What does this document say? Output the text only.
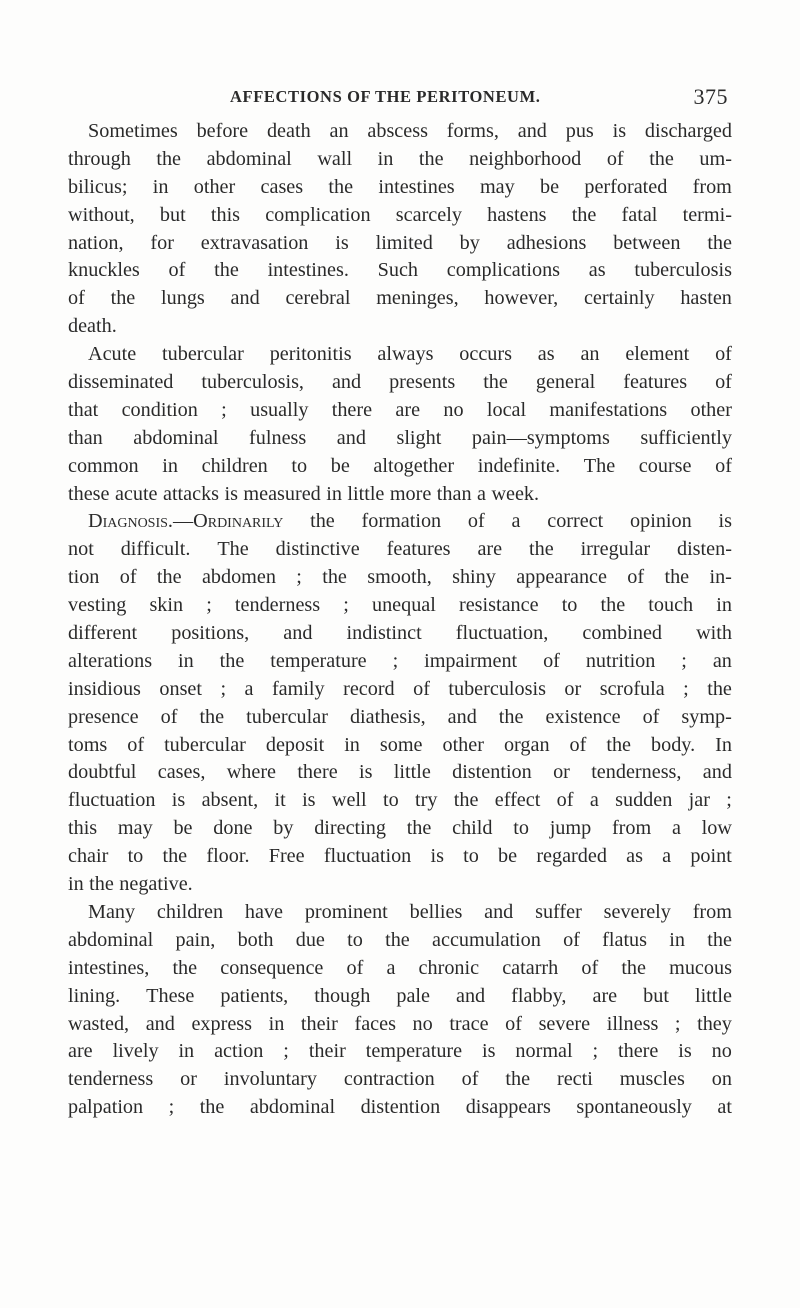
AFFECTIONS OF THE PERITONEUM.	375
Sometimes before death an abscess forms, and pus is discharged
through the abdominal wall in the neighborhood of the um-
bilicus; in other cases the intestines may be perforated from
without, but this complication scarcely hastens the fatal termi-
nation, for extravasation is limited by adhesions between the
knuckles of the intestines. Such complications as tuberculosis
of the lungs and cerebral meninges, however, certainly hasten
death.
Acute tubercular peritonitis always occurs as an element of
disseminated tuberculosis, and presents the general features of
that condition ; usually there are no local manifestations other
than abdominal fulness and slight pain—symptoms sufficiently
common in children to be altogether indefinite. The course of
these acute attacks is measured in little more than a week.
Diagnosis.—Ordinarily the formation of a correct opinion is
not difficult. The distinctive features are the irregular disten-
tion of the abdomen ; the smooth, shiny appearance of the in-
vesting skin ; tenderness ; unequal resistance to the touch in
different positions, and indistinct fluctuation, combined with
alterations in the temperature ; impairment of nutrition ; an
insidious onset ; a family record of tuberculosis or scrofula ; the
presence of the tubercular diathesis, and the existence of symp-
toms of tubercular deposit in some other organ of the body. In
doubtful cases, where there is little distention or tenderness, and
fluctuation is absent, it is well to try the effect of a sudden jar ;
this may be done by directing the child to jump from a low
chair to the floor. Free fluctuation is to be regarded as a point
in the negative.
Many children have prominent bellies and suffer severely from
abdominal pain, both due to the accumulation of flatus in the
intestines, the consequence of a chronic catarrh of the mucous
lining. These patients, though pale and flabby, are but little
wasted, and express in their faces no trace of severe illness ; they
are lively in action ; their temperature is normal ; there is no
tenderness or involuntary contraction of the recti muscles on
palpation ; the abdominal distention disappears spontaneously at
